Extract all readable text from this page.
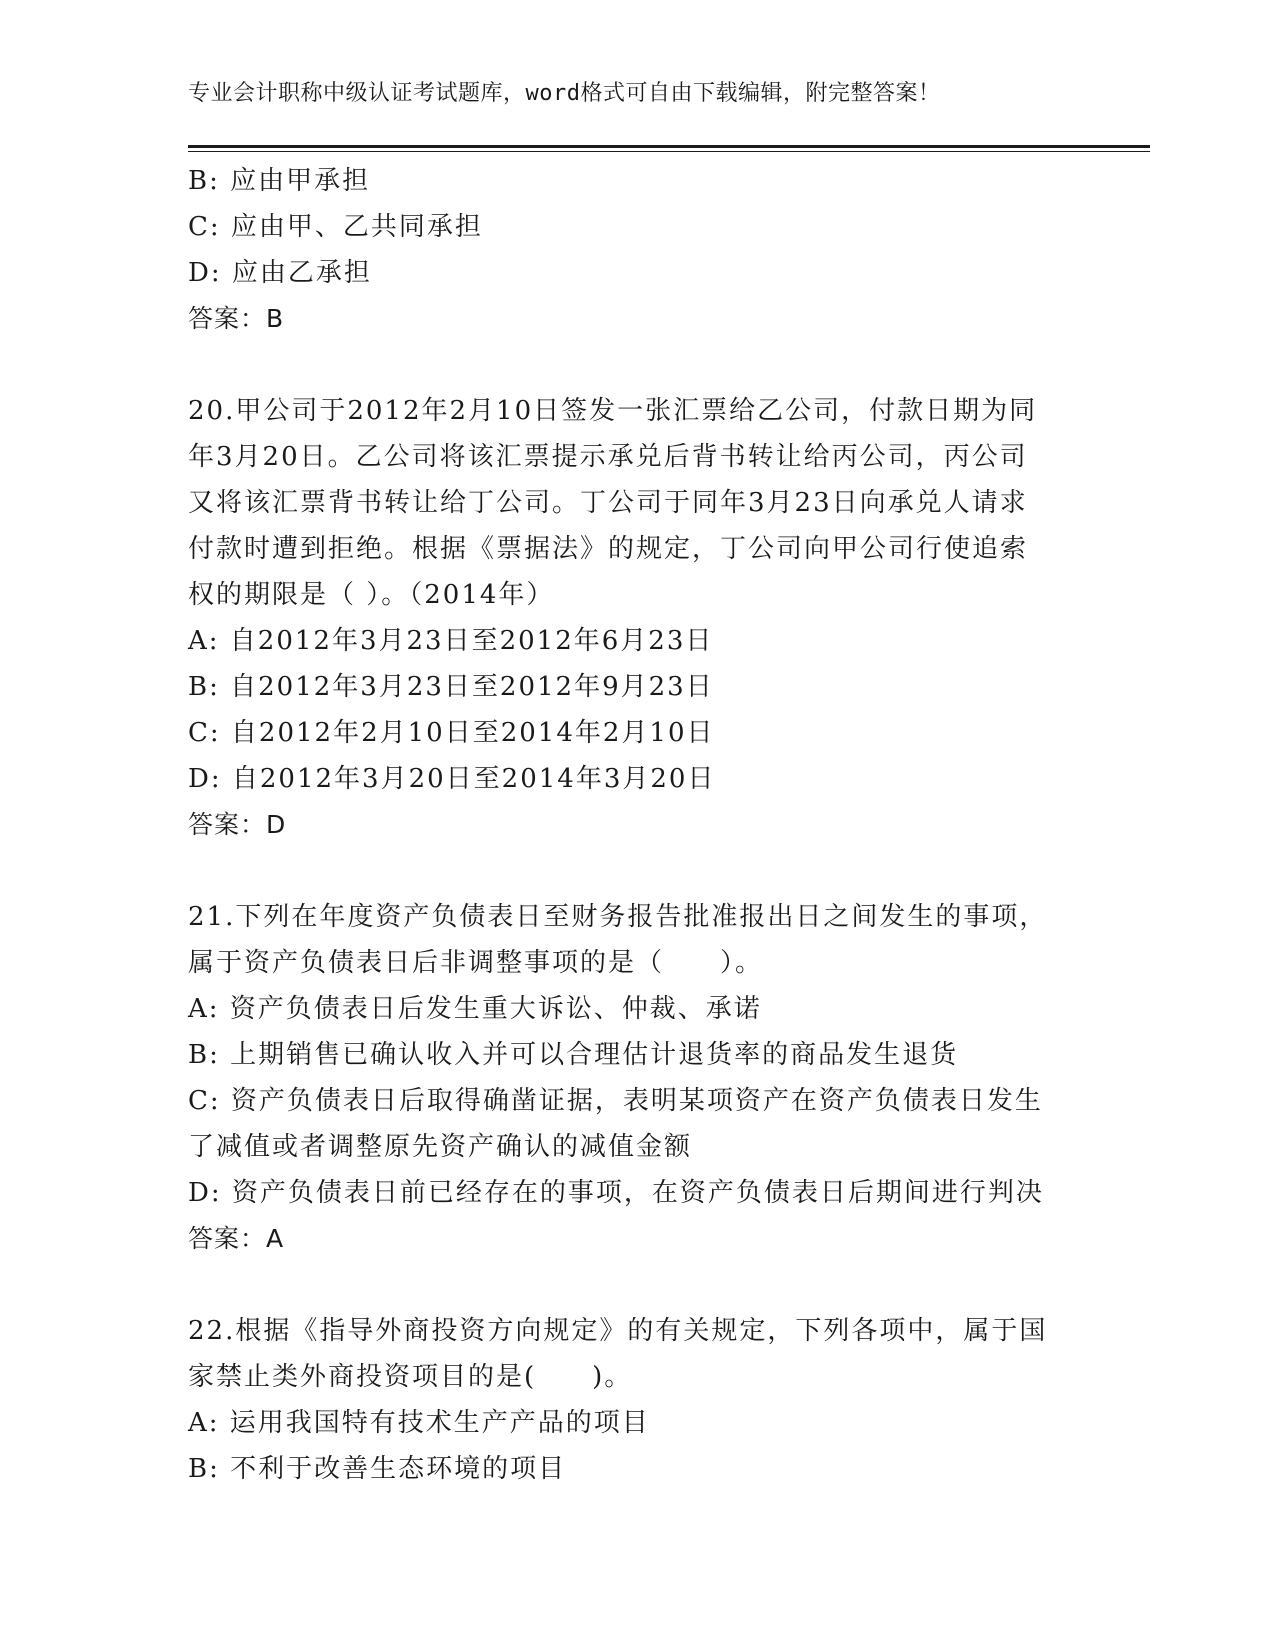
专业会计职称中级认证考试题库，word格式可自由下载编辑，附完整答案！
B: 应由甲承担
C: 应由甲、乙共同承担
D: 应由乙承担
答案：B
20.甲公司于2012年2月10日签发一张汇票给乙公司，付款日期为同
年3月20日。乙公司将该汇票提示承兑后背书转让给丙公司，丙公司
又将该汇票背书转让给丁公司。丁公司于同年3月23日向承兑人请求
付款时遭到拒绝。根据《票据法》的规定，丁公司向甲公司行使追索
权的期限是（ ）。（2014年）
A: 自2012年3月23日至2012年6月23日
B: 自2012年3月23日至2012年9月23日
C: 自2012年2月10日至2014年2月10日
D: 自2012年3月20日至2014年3月20日
答案：D
21.下列在年度资产负债表日至财务报告批准报出日之间发生的事项，
属于资产负债表日后非调整事项的是（　　）。
A: 资产负债表日后发生重大诉讼、仲裁、承诺
B: 上期销售已确认收入并可以合理估计退货率的商品发生退货
C: 资产负债表日后取得确凿证据，表明某项资产在资产负债表日发生
了减值或者调整原先资产确认的减值金额
D: 资产负债表日前已经存在的事项，在资产负债表日后期间进行判决
答案：A
22.根据《指导外商投资方向规定》的有关规定，下列各项中，属于国
家禁止类外商投资项目的是(　　)。
A: 运用我国特有技术生产产品的项目
B: 不利于改善生态环境的项目
